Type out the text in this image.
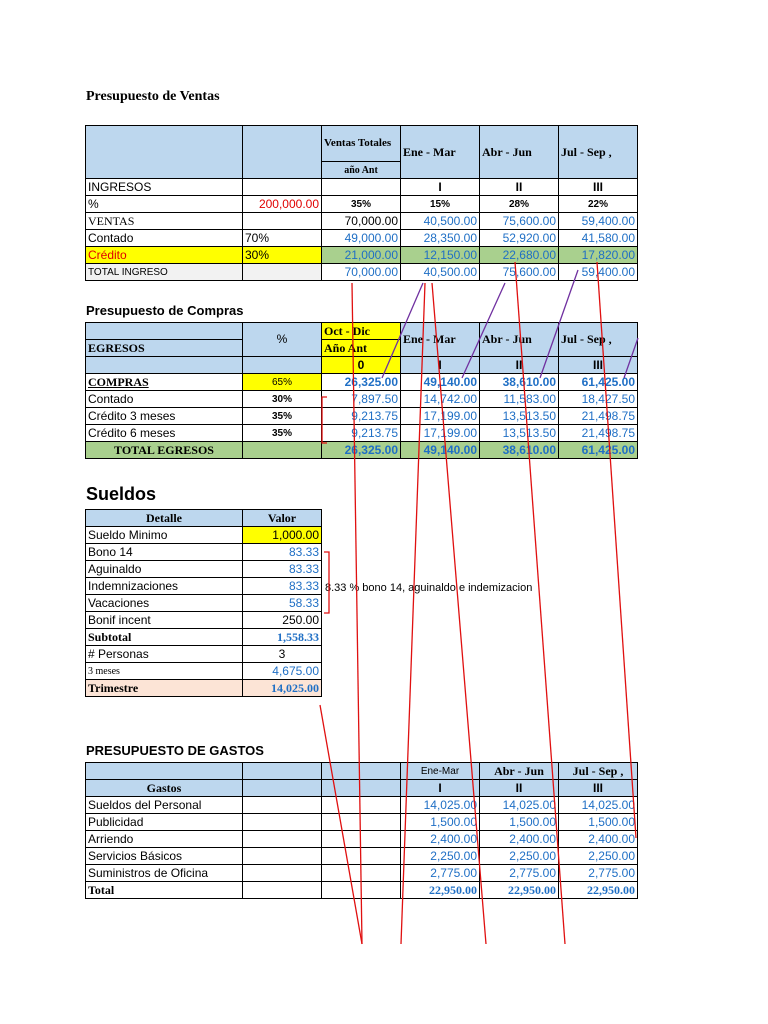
Presupuesto de Ventas
		Ventas Totales	Ene - Mar	Abr - Jun	Jul - Sep ,
		año Ant			
INGRESOS			I	II	III
%	200,000.00	35%	15%	28%	22%
VENTAS		70,000.00	40,500.00	75,600.00	59,400.00
Contado	70%	49,000.00	28,350.00	52,920.00	41,580.00
Crédito	30%	21,000.00	12,150.00	22,680.00	17,820.00
TOTAL INGRESO		70,000.00	40,500.00	75,600.00	59,400.00
Presupuesto de Compras
	%	Oct - Dic	Ene - Mar	Abr - Jun	Jul - Sep ,
EGRESOS		Año Ant			
		0	I	II	III
COMPRAS	65%	26,325.00	49,140.00	38,610.00	61,425.00
Contado	30%	7,897.50	14,742.00	11,583.00	18,427.50
Crédito 3 meses	35%	9,213.75	17,199.00	13,513.50	21,498.75
Crédito 6 meses	35%	9,213.75	17,199.00	13,513.50	21,498.75
TOTAL EGRESOS		26,325.00	49,140.00	38,610.00	61,425.00
Sueldos
Detalle	Valor
Sueldo Minimo	1,000.00
Bono 14	83.33
Aguinaldo	83.33
Indemnizaciones	83.33
Vacaciones	58.33
Bonif incent	250.00
Subtotal	1,558.33
# Personas	3
3 meses	4,675.00
Trimestre	14,025.00
8.33 % bono 14, aguinaldo e indemizacion
PRESUPUESTO DE GASTOS
			Ene-Mar	Abr - Jun	Jul - Sep ,
Gastos			I	II	III
Sueldos del Personal			14,025.00	14,025.00	14,025.00
Publicidad			1,500.00	1,500.00	1,500.00
Arriendo			2,400.00	2,400.00	2,400.00
Servicios Básicos			2,250.00	2,250.00	2,250.00
Suministros de Oficina			2,775.00	2,775.00	2,775.00
Total			22,950.00	22,950.00	22,950.00
